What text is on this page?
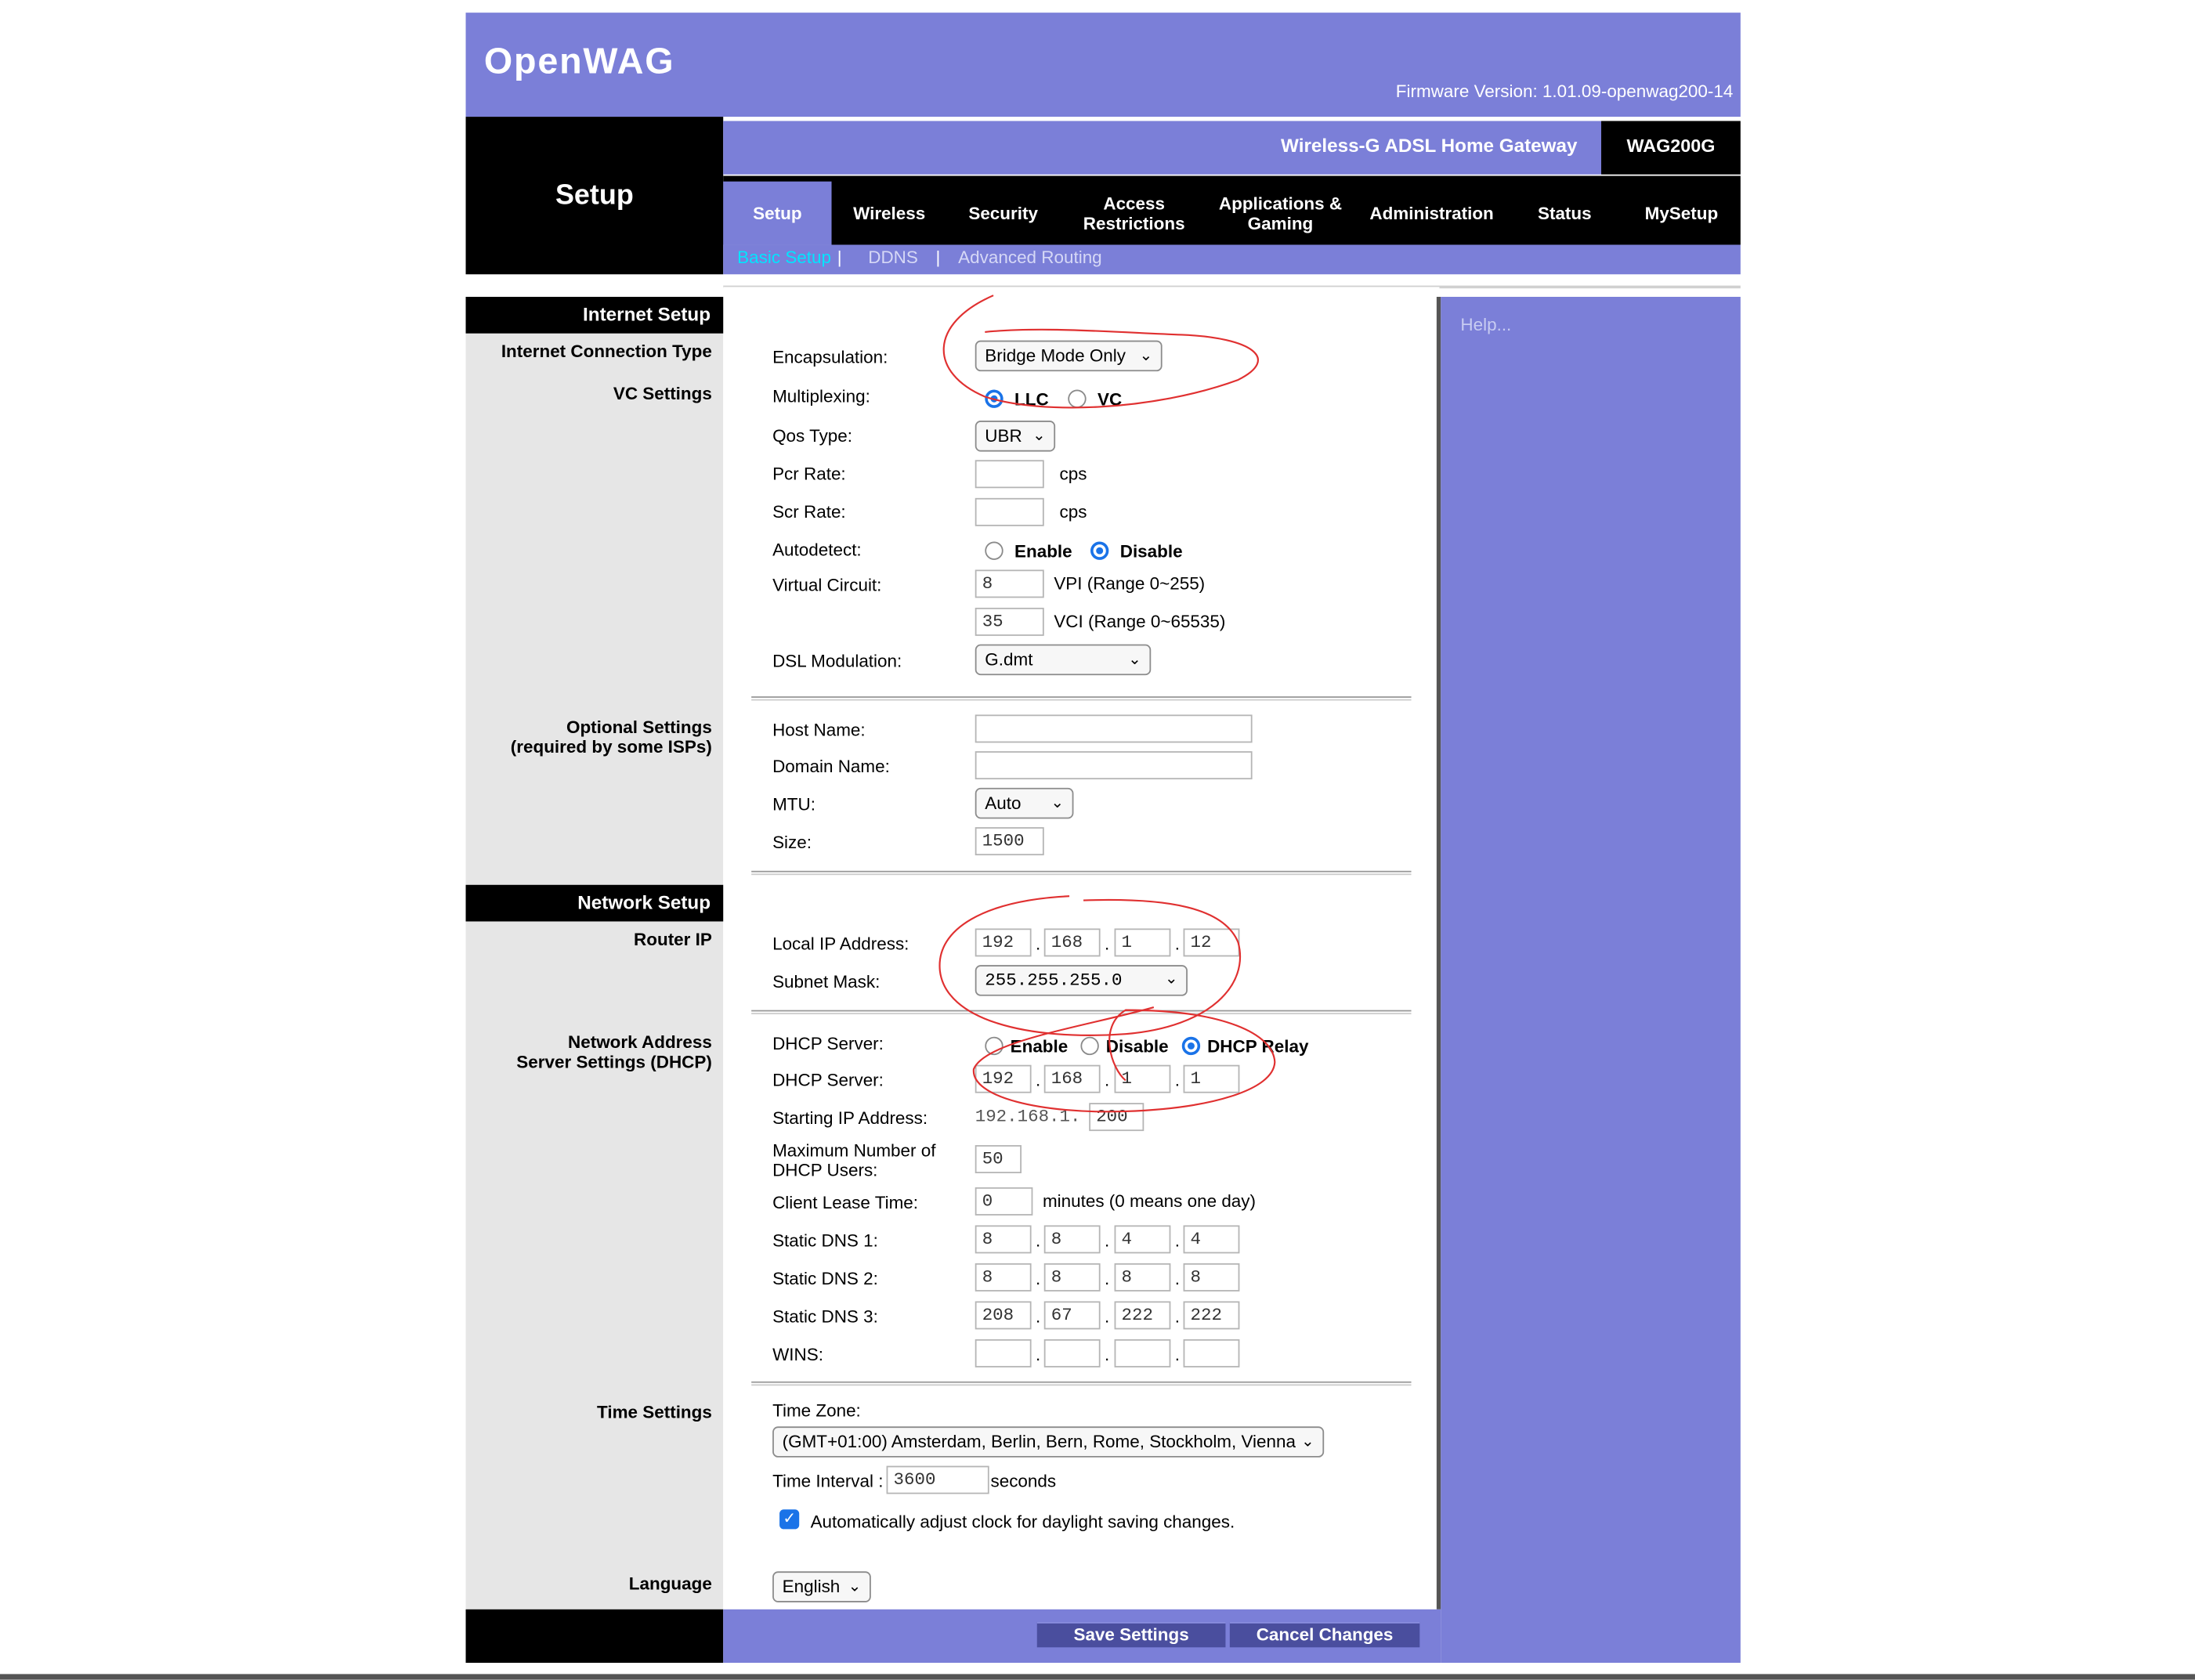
OpenWAG
Firmware Version: 1.01.09-openwag200-14
Setup
Wireless-G ADSL Home Gateway	WAG200G
Setup	Wireless	Security	Access Restrictions
Applications & Gaming	Administration	Status	MySetup
Basic Setup |	DDNS | Advanced Routing
Help...
Internet Setup
Internet Connection Type
VC Settings
Optional Settings
(required by some ISPs)
Network Setup
Router IP
Network Address
Server Settings (DHCP)
Time Settings
Language
Encapsulation:	Bridge Mode Only ⌄
Multiplexing:	LLC	VC
Qos Type:	UBR ⌄
Pcr Rate:	cps
Scr Rate:	cps
Autodetect:	Enable	Disable
Virtual Circuit:	8	VPI (Range 0~255)
35	VCI (Range 0~65535)
DSL Modulation:	G.dmt	⌄
Host Name:
Domain Name:
MTU:	Auto	⌄
Size:	1500
Local IP Address:	192	.	168	.	1	.	12
Subnet Mask:	255.255.255.0	⌄
DHCP Server:	Enable	Disable	DHCP Relay
DHCP Server:	192	.	168	.	1	.	1
Starting IP Address:	192.168.1.	200
Maximum Number of
DHCP Users:
50
Client Lease Time:	0	minutes (0 means one day)
Static DNS 1:	8	.	8	.	4	.	4
Static DNS 2:	8	.	8	.	8	.	8
Static DNS 3:	208	.	67	.	222	.	222
WINS:	.	.	.
Time Zone:
(GMT+01:00) Amsterdam, Berlin, Bern, Rome, Stockholm, Vienna ⌄
Time Interval :	3600	seconds
✓	Automatically adjust clock for daylight saving changes.
English ⌄
Save Settings	Cancel Changes
